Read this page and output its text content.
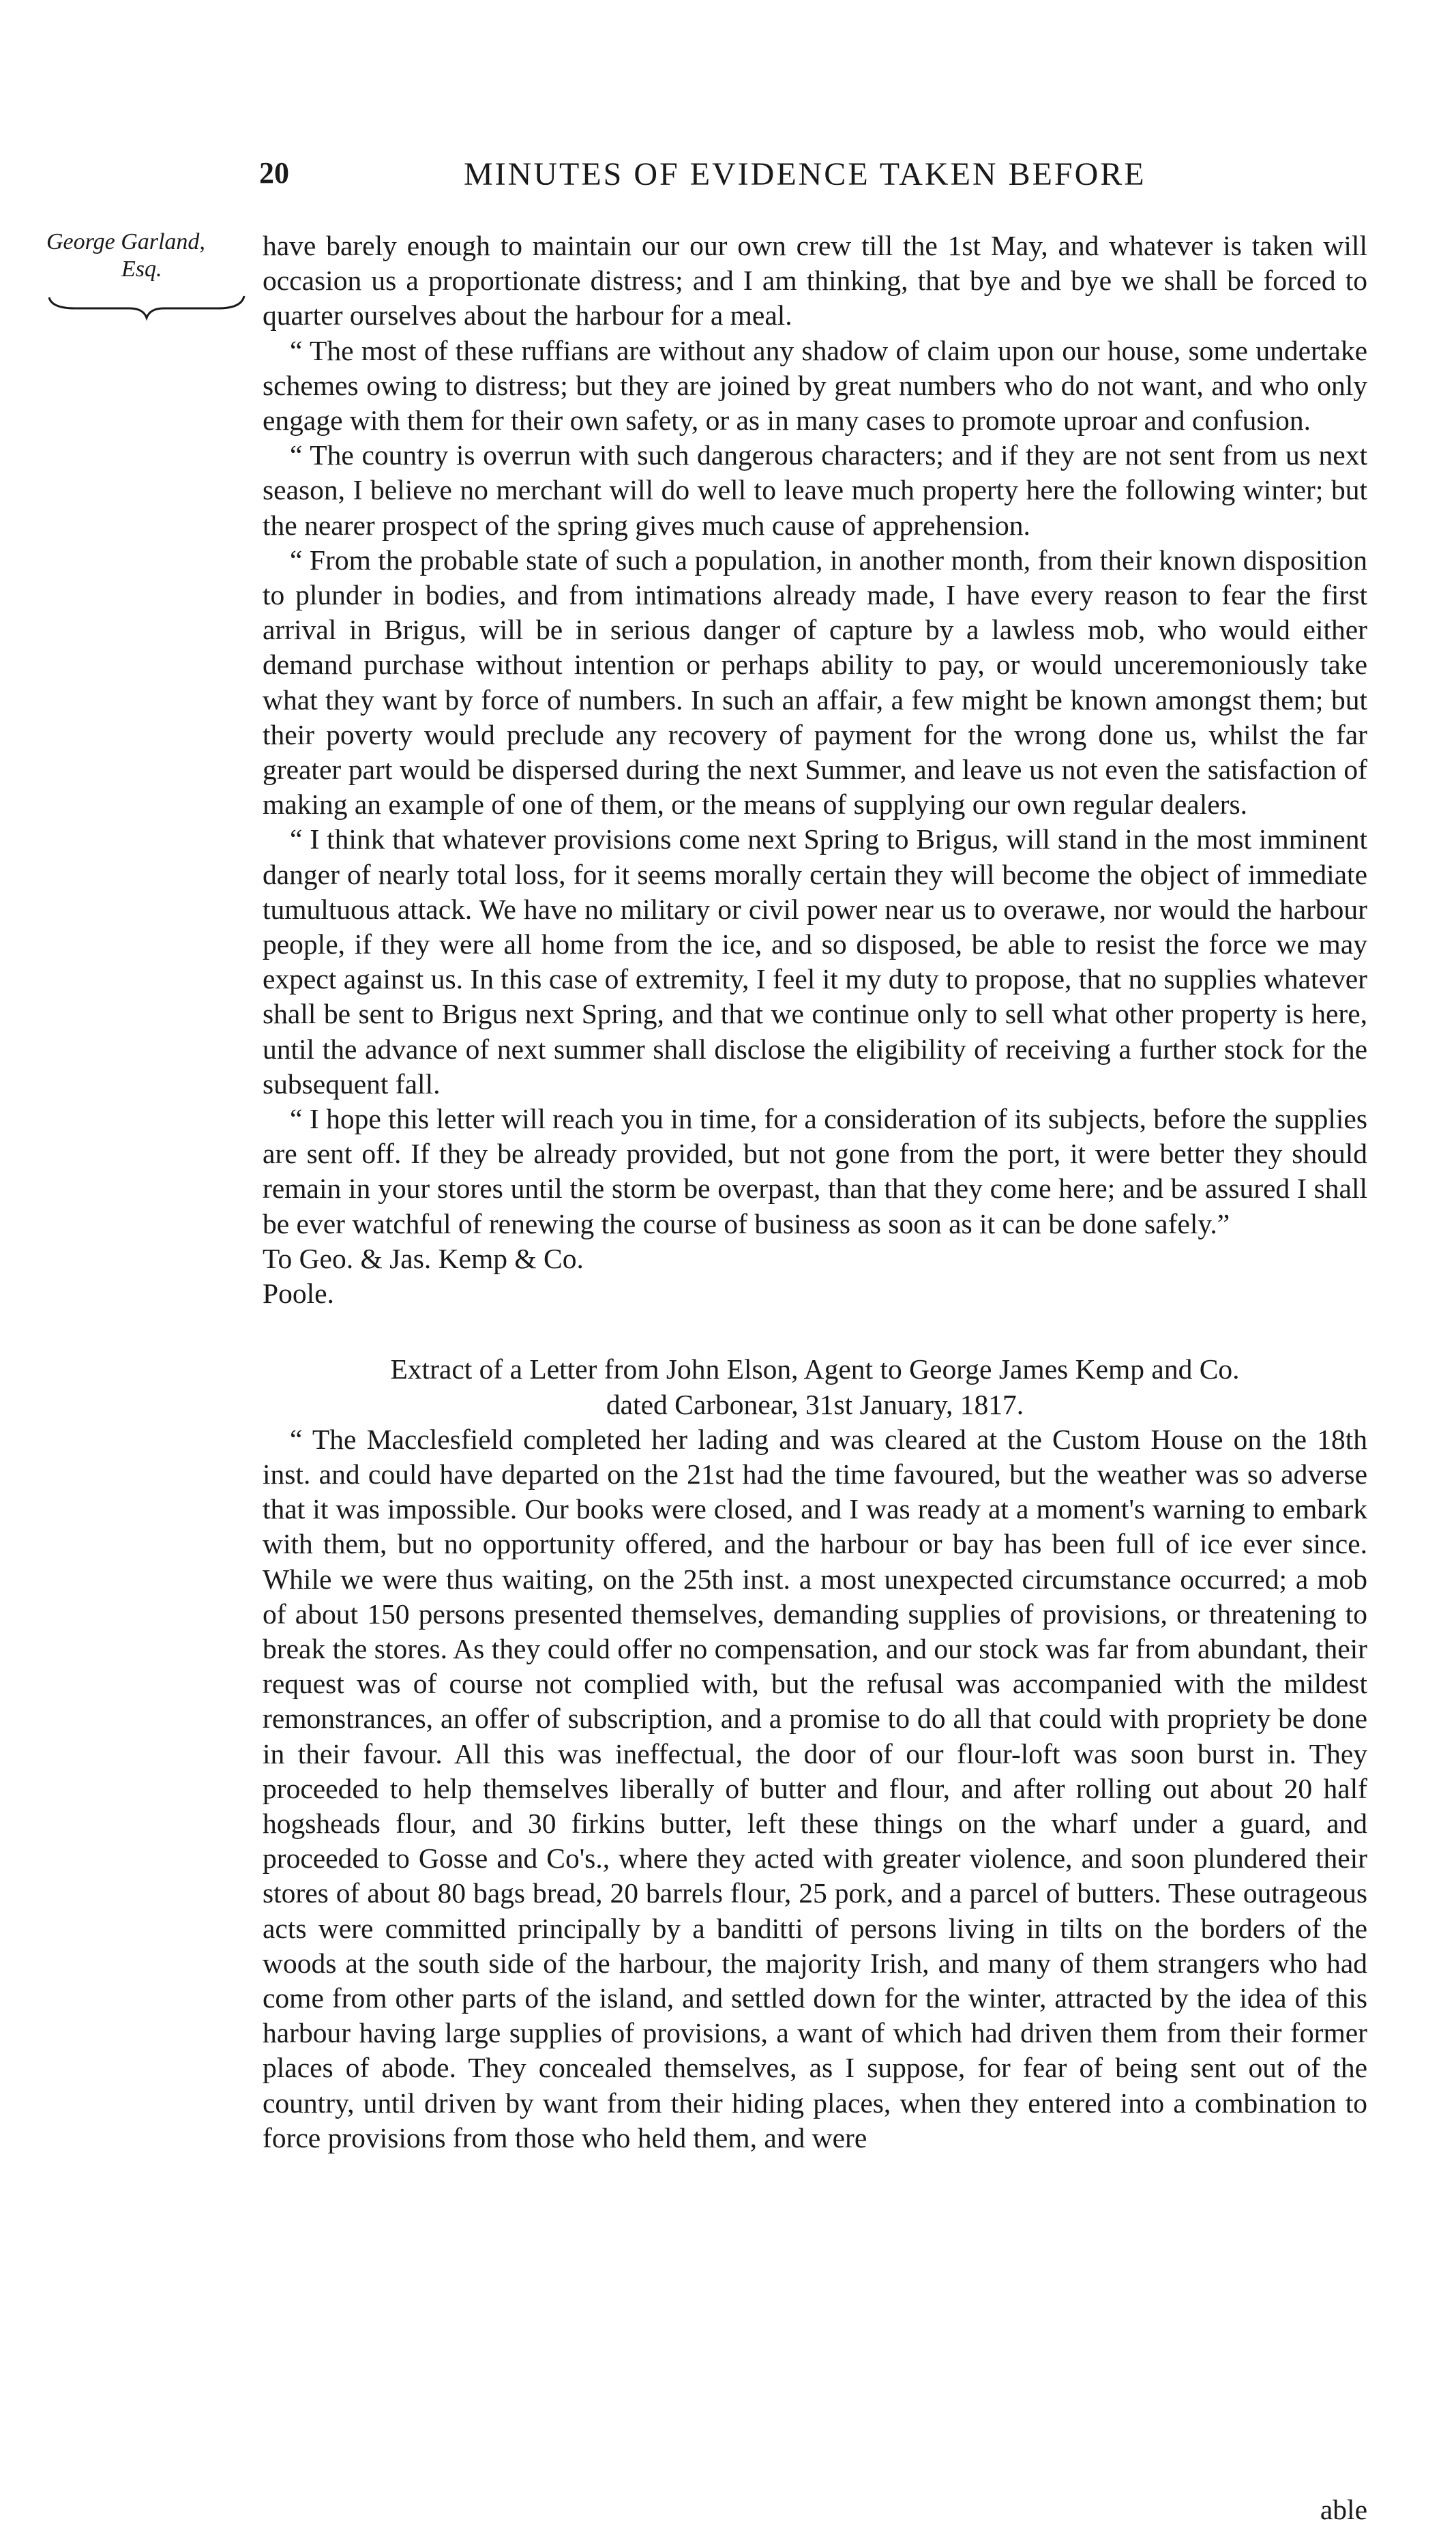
20	MINUTES OF EVIDENCE TAKEN BEFORE
George Garland,
Esq.

have barely enough to maintain our our own crew till the 1st May, and whatever is taken will occasion us a proportionate distress; and I am thinking, that bye and bye we shall be forced to quarter ourselves about the harbour for a meal.

“ The most of these ruffians are without any shadow of claim upon our house, some undertake schemes owing to distress; but they are joined by great numbers who do not want, and who only engage with them for their own safety, or as in many cases to promote uproar and confusion.

“ The country is overrun with such dangerous characters; and if they are not sent from us next season, I believe no merchant will do well to leave much property here the following winter; but the nearer prospect of the spring gives much cause of apprehension.

“ From the probable state of such a population, in another month, from their known disposition to plunder in bodies, and from intimations already made, I have every reason to fear the first arrival in Brigus, will be in serious danger of capture by a lawless mob, who would either demand purchase without intention or perhaps ability to pay, or would unceremoniously take what they want by force of numbers. In such an affair, a few might be known amongst them; but their poverty would preclude any recovery of payment for the wrong done us, whilst the far greater part would be dispersed during the next Summer, and leave us not even the satisfaction of making an example of one of them, or the means of supplying our own regular dealers.

“ I think that whatever provisions come next Spring to Brigus, will stand in the most imminent danger of nearly total loss, for it seems morally certain they will become the object of immediate tumultuous attack. We have no military or civil power near us to overawe, nor would the harbour people, if they were all home from the ice, and so disposed, be able to resist the force we may expect against us. In this case of extremity, I feel it my duty to propose, that no supplies whatever shall be sent to Brigus next Spring, and that we continue only to sell what other property is here, until the advance of next summer shall disclose the eligibility of receiving a further stock for the subsequent fall.

“ I hope this letter will reach you in time, for a consideration of its subjects, before the supplies are sent off. If they be already provided, but not gone from the port, it were better they should remain in your stores until the storm be overpast, than that they come here; and be assured I shall be ever watchful of renewing the course of business as soon as it can be done safely.”

To Geo. & Jas. Kemp & Co.

Poole.

Extract of a Letter from John Elson, Agent to George James Kemp and Co.

dated Carbonear, 31st January, 1817.

“ The Macclesfield completed her lading and was cleared at the Custom House on the 18th inst. and could have departed on the 21st had the time favoured, but the weather was so adverse that it was impossible. Our books were closed, and I was ready at a moment's warning to embark with them, but no opportunity offered, and the harbour or bay has been full of ice ever since. While we were thus waiting, on the 25th inst. a most unexpected circumstance occurred; a mob of about 150 persons presented themselves, demanding supplies of provisions, or threatening to break the stores. As they could offer no compensation, and our stock was far from abundant, their request was of course not complied with, but the refusal was accompanied with the mildest remonstrances, an offer of subscription, and a promise to do all that could with propriety be done in their favour. All this was ineffectual, the door of our flour-loft was soon burst in. They proceeded to help themselves liberally of butter and flour, and after rolling out about 20 half hogsheads flour, and 30 firkins butter, left these things on the wharf under a guard, and proceeded to Gosse and Co's., where they acted with greater violence, and soon plundered their stores of about 80 bags bread, 20 barrels flour, 25 pork, and a parcel of butters. These outrageous acts were committed principally by a banditti of persons living in tilts on the borders of the woods at the south side of the harbour, the majority Irish, and many of them strangers who had come from other parts of the island, and settled down for the winter, attracted by the idea of this harbour having large supplies of provisions, a want of which had driven them from their former places of abode. They concealed themselves, as I suppose, for fear of being sent out of the country, until driven by want from their hiding places, when they entered into a combination to force provisions from those who held them, and were

able
